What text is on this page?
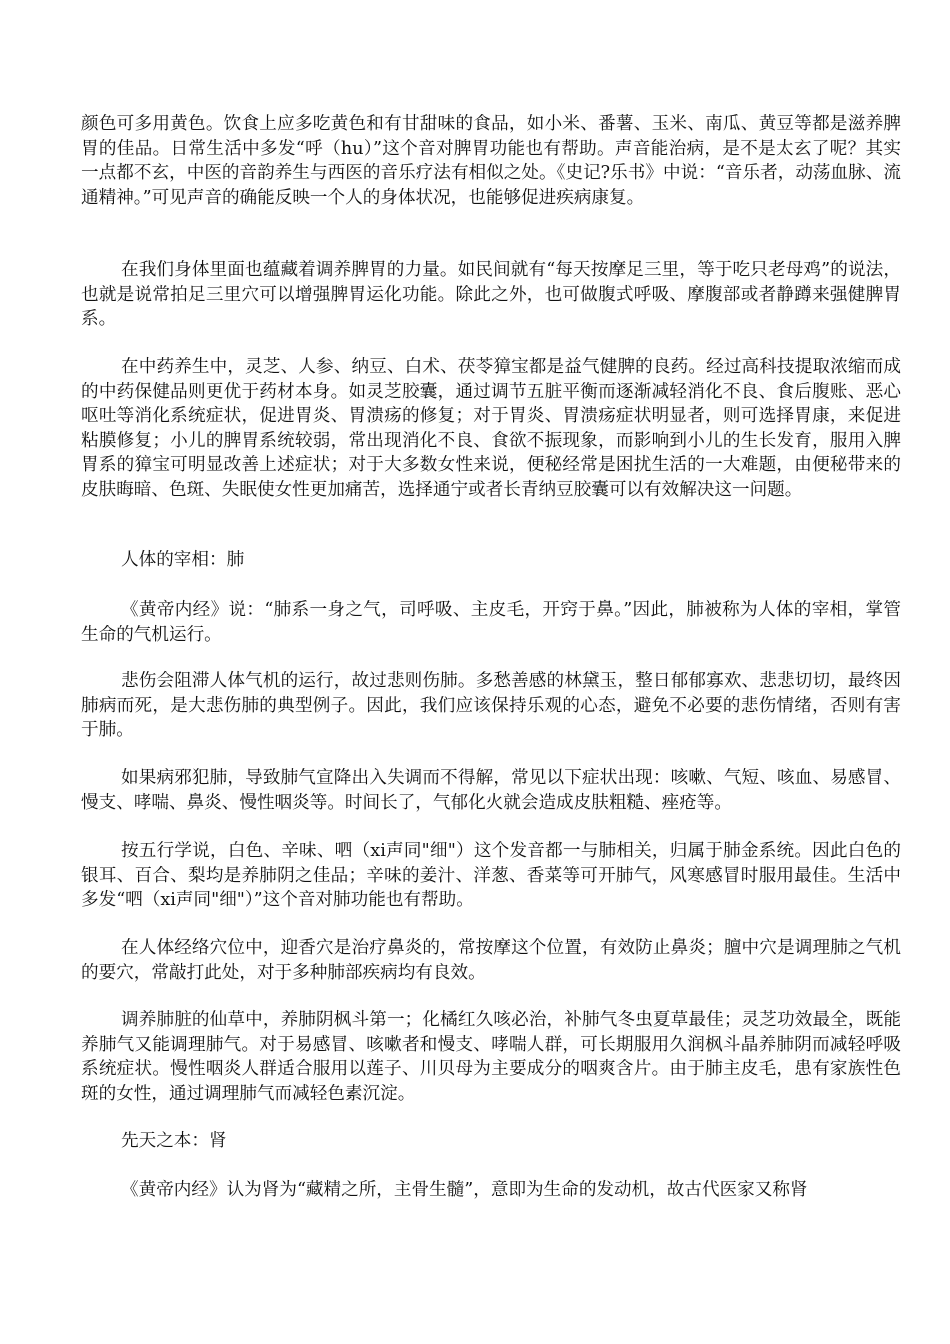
颜色可多用黄色。饮食上应多吃黄色和有甘甜味的食品，如小米、番薯、玉米、南瓜、黄豆等都是滋养脾胃的佳品。日常生活中多发“呼（hu）”这个音对脾胃功能也有帮助。声音能治病，是不是太玄了呢？其实一点都不玄，中医的音韵养生与西医的音乐疗法有相似之处。《史记?乐书》中说：“音乐者，动荡血脉、流通精神。”可见声音的确能反映一个人的身体状况，也能够促进疾病康复。

在我们身体里面也蕴藏着调养脾胃的力量。如民间就有“每天按摩足三里，等于吃只老母鸡”的说法，也就是说常拍足三里穴可以增强脾胃运化功能。除此之外，也可做腹式呼吸、摩腹部或者静蹲来强健脾胃系。

在中药养生中，灵芝、人参、纳豆、白术、茯苓獐宝都是益气健脾的良药。经过高科技提取浓缩而成的中药保健品则更优于药材本身。如灵芝胶囊，通过调节五脏平衡而逐渐减轻消化不良、食后腹账、恶心呕吐等消化系统症状，促进胃炎、胃溃疡的修复；对于胃炎、胃溃疡症状明显者，则可选择胃康，来促进粘膜修复；小儿的脾胃系统较弱，常出现消化不良、食欲不振现象，而影响到小儿的生长发育，服用入脾胃系的獐宝可明显改善上述症状；对于大多数女性来说，便秘经常是困扰生活的一大难题，由便秘带来的皮肤晦暗、色斑、失眠使女性更加痛苦，选择通宁或者长青纳豆胶囊可以有效解决这一问题。

人体的宰相：肺

《黄帝内经》说：“肺系一身之气，司呼吸、主皮毛，开窍于鼻。”因此，肺被称为人体的宰相，掌管生命的气机运行。

悲伤会阻滞人体气机的运行，故过悲则伤肺。多愁善感的林黛玉，整日郁郁寡欢、悲悲切切，最终因肺病而死，是大悲伤肺的典型例子。因此，我们应该保持乐观的心态，避免不必要的悲伤情绪，否则有害于肺。

如果病邪犯肺，导致肺气宣降出入失调而不得解，常见以下症状出现：咳嗽、气短、咳血、易感冒、慢支、哮喘、鼻炎、慢性咽炎等。时间长了，气郁化火就会造成皮肤粗糙、痤疮等。

按五行学说，白色、辛味、呬（xi声同"细"）这个发音都一与肺相关，归属于肺金系统。因此白色的银耳、百合、梨均是养肺阴之佳品；辛味的姜汁、洋葱、香菜等可开肺气，风寒感冒时服用最佳。生活中多发“呬（xi声同"细"）”这个音对肺功能也有帮助。

在人体经络穴位中，迎香穴是治疗鼻炎的，常按摩这个位置，有效防止鼻炎；膻中穴是调理肺之气机的要穴，常敲打此处，对于多种肺部疾病均有良效。

调养肺脏的仙草中，养肺阴枫斗第一；化橘红久咳必治，补肺气冬虫夏草最佳；灵芝功效最全，既能养肺气又能调理肺气。对于易感冒、咳嗽者和慢支、哮喘人群，可长期服用久润枫斗晶养肺阴而减轻呼吸系统症状。慢性咽炎人群适合服用以莲子、川贝母为主要成分的咽爽含片。由于肺主皮毛，患有家族性色斑的女性，通过调理肺气而减轻色素沉淀。

先天之本：肾

《黄帝内经》认为肾为“藏精之所，主骨生髓”，意即为生命的发动机，故古代医家又称肾
